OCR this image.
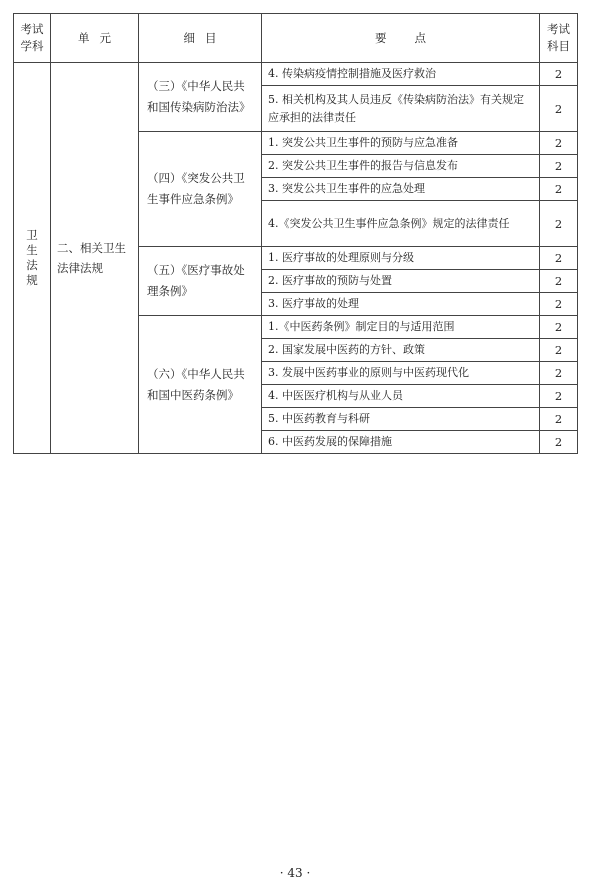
考试学科	单元	细目	要点	考试科目
卫生法规	二、相关卫生法律法规	（三）《中华人民共和国传染病防治法》	4. 传染病疫情控制措施及医疗救治	2
			5. 相关机构及其人员违反《传染病防治法》有关规定应承担的法律责任	2
		（四）《突发公共卫生事件应急条例》	1. 突发公共卫生事件的预防与应急准备	2
			2. 突发公共卫生事件的报告与信息发布	2
			3. 突发公共卫生事件的应急处理	2
			4.《突发公共卫生事件应急条例》规定的法律责任	2
		（五）《医疗事故处理条例》	1. 医疗事故的处理原则与分级	2
			2. 医疗事故的预防与处置	2
			3. 医疗事故的处理	2
		（六）《中华人民共和国中医药条例》	1.《中医药条例》制定目的与适用范围	2
			2. 国家发展中医药的方针、政策	2
			3. 发展中医药事业的原则与中医药现代化	2
			4. 中医医疗机构与从业人员	2
			5. 中医药教育与科研	2
			6. 中医药发展的保障措施	2
· 43 ·
